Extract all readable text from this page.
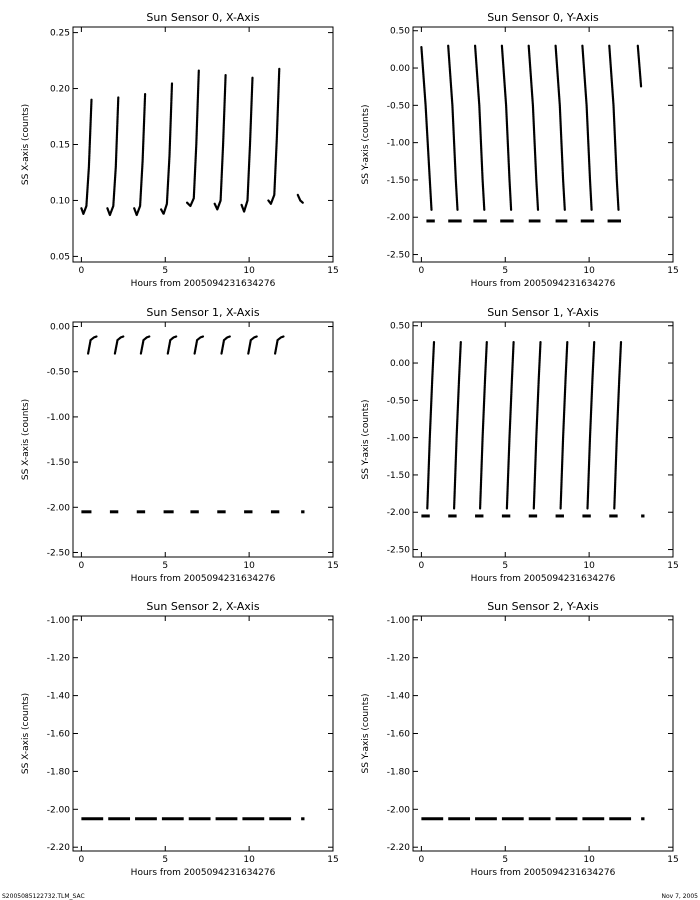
Sun Sensor 0, X-Axis
0	5	10	15
0.05
0.10
0.15
0.20
0.25
Hours from 2005094231634276
SS X-axis (counts)
Sun Sensor 0, Y-Axis
0	5	10	15
-2.50
-2.00
-1.50
-1.00
-0.50
0.00
0.50
Hours from 2005094231634276
SS Y-axis (counts)
Sun Sensor 1, X-Axis
0	5	10	15
-2.50
-2.00
-1.50
-1.00
-0.50
0.00
Hours from 2005094231634276
SS X-axis (counts)
Sun Sensor 1, Y-Axis
0	5	10	15
-2.50
-2.00
-1.50
-1.00
-0.50
0.00
0.50
Hours from 2005094231634276
SS Y-axis (counts)
Sun Sensor 2, X-Axis
0	5	10	15
-2.20
-2.00
-1.80
-1.60
-1.40
-1.20
-1.00
Hours from 2005094231634276
SS X-axis (counts)
Sun Sensor 2, Y-Axis
0	5	10	15
-2.20
-2.00
-1.80
-1.60
-1.40
-1.20
-1.00
Hours from 2005094231634276
SS Y-axis (counts)
S2005085122732.TLM_SAC	Nov 7, 2005
